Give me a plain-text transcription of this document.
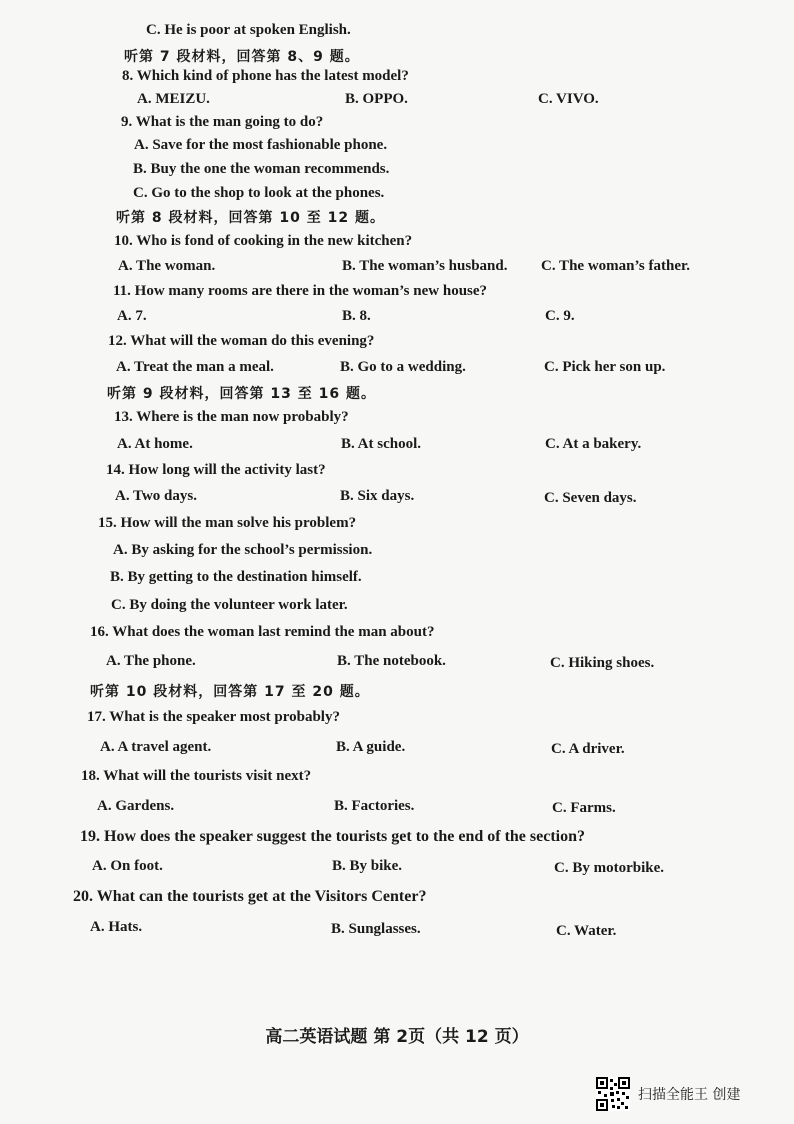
C. He is poor at spoken English.
听第 7 段材料，回答第 8、9 题。
8. Which kind of phone has the latest model?
A. MEIZU.	B. OPPO.	C. VIVO.
9. What is the man going to do?
A. Save for the most fashionable phone.
B. Buy the one the woman recommends.
C. Go to the shop to look at the phones.
听第 8 段材料，回答第 10 至 12 题。
10. Who is fond of cooking in the new kitchen?
A. The woman.	B. The woman’s husband. C. The woman’s father.
11. How many rooms are there in the woman’s new house?
A. 7.	B. 8.	C. 9.
12. What will the woman do this evening?
A. Treat the man a meal.	B. Go to a wedding.	C. Pick her son up.
听第 9 段材料，回答第 13 至 16 题。
13. Where is the man now probably?
A. At home.	B. At school.	C. At a bakery.
14. How long will the activity last?
A. Two days.	B. Six days.	C. Seven days.
15. How will the man solve his problem?
A. By asking for the school’s permission.
B. By getting to the destination himself.
C. By doing the volunteer work later.
16. What does the woman last remind the man about?
A. The phone.	B. The notebook.	C. Hiking shoes.
听第 10 段材料，回答第 17 至 20 题。
17. What is the speaker most probably?
A. A travel agent.	B. A guide.	C. A driver.
18. What will the tourists visit next?
A. Gardens.	B. Factories.	C. Farms.
19. How does the speaker suggest the tourists get to the end of the section?
A. On foot.	B. By bike.	C. By motorbike.
20. What can the tourists get at the Visitors Center?
A. Hats.	B. Sunglasses.	C. Water.
高二英语试题 第 2页（共 12 页）
扫描全能王 创建
